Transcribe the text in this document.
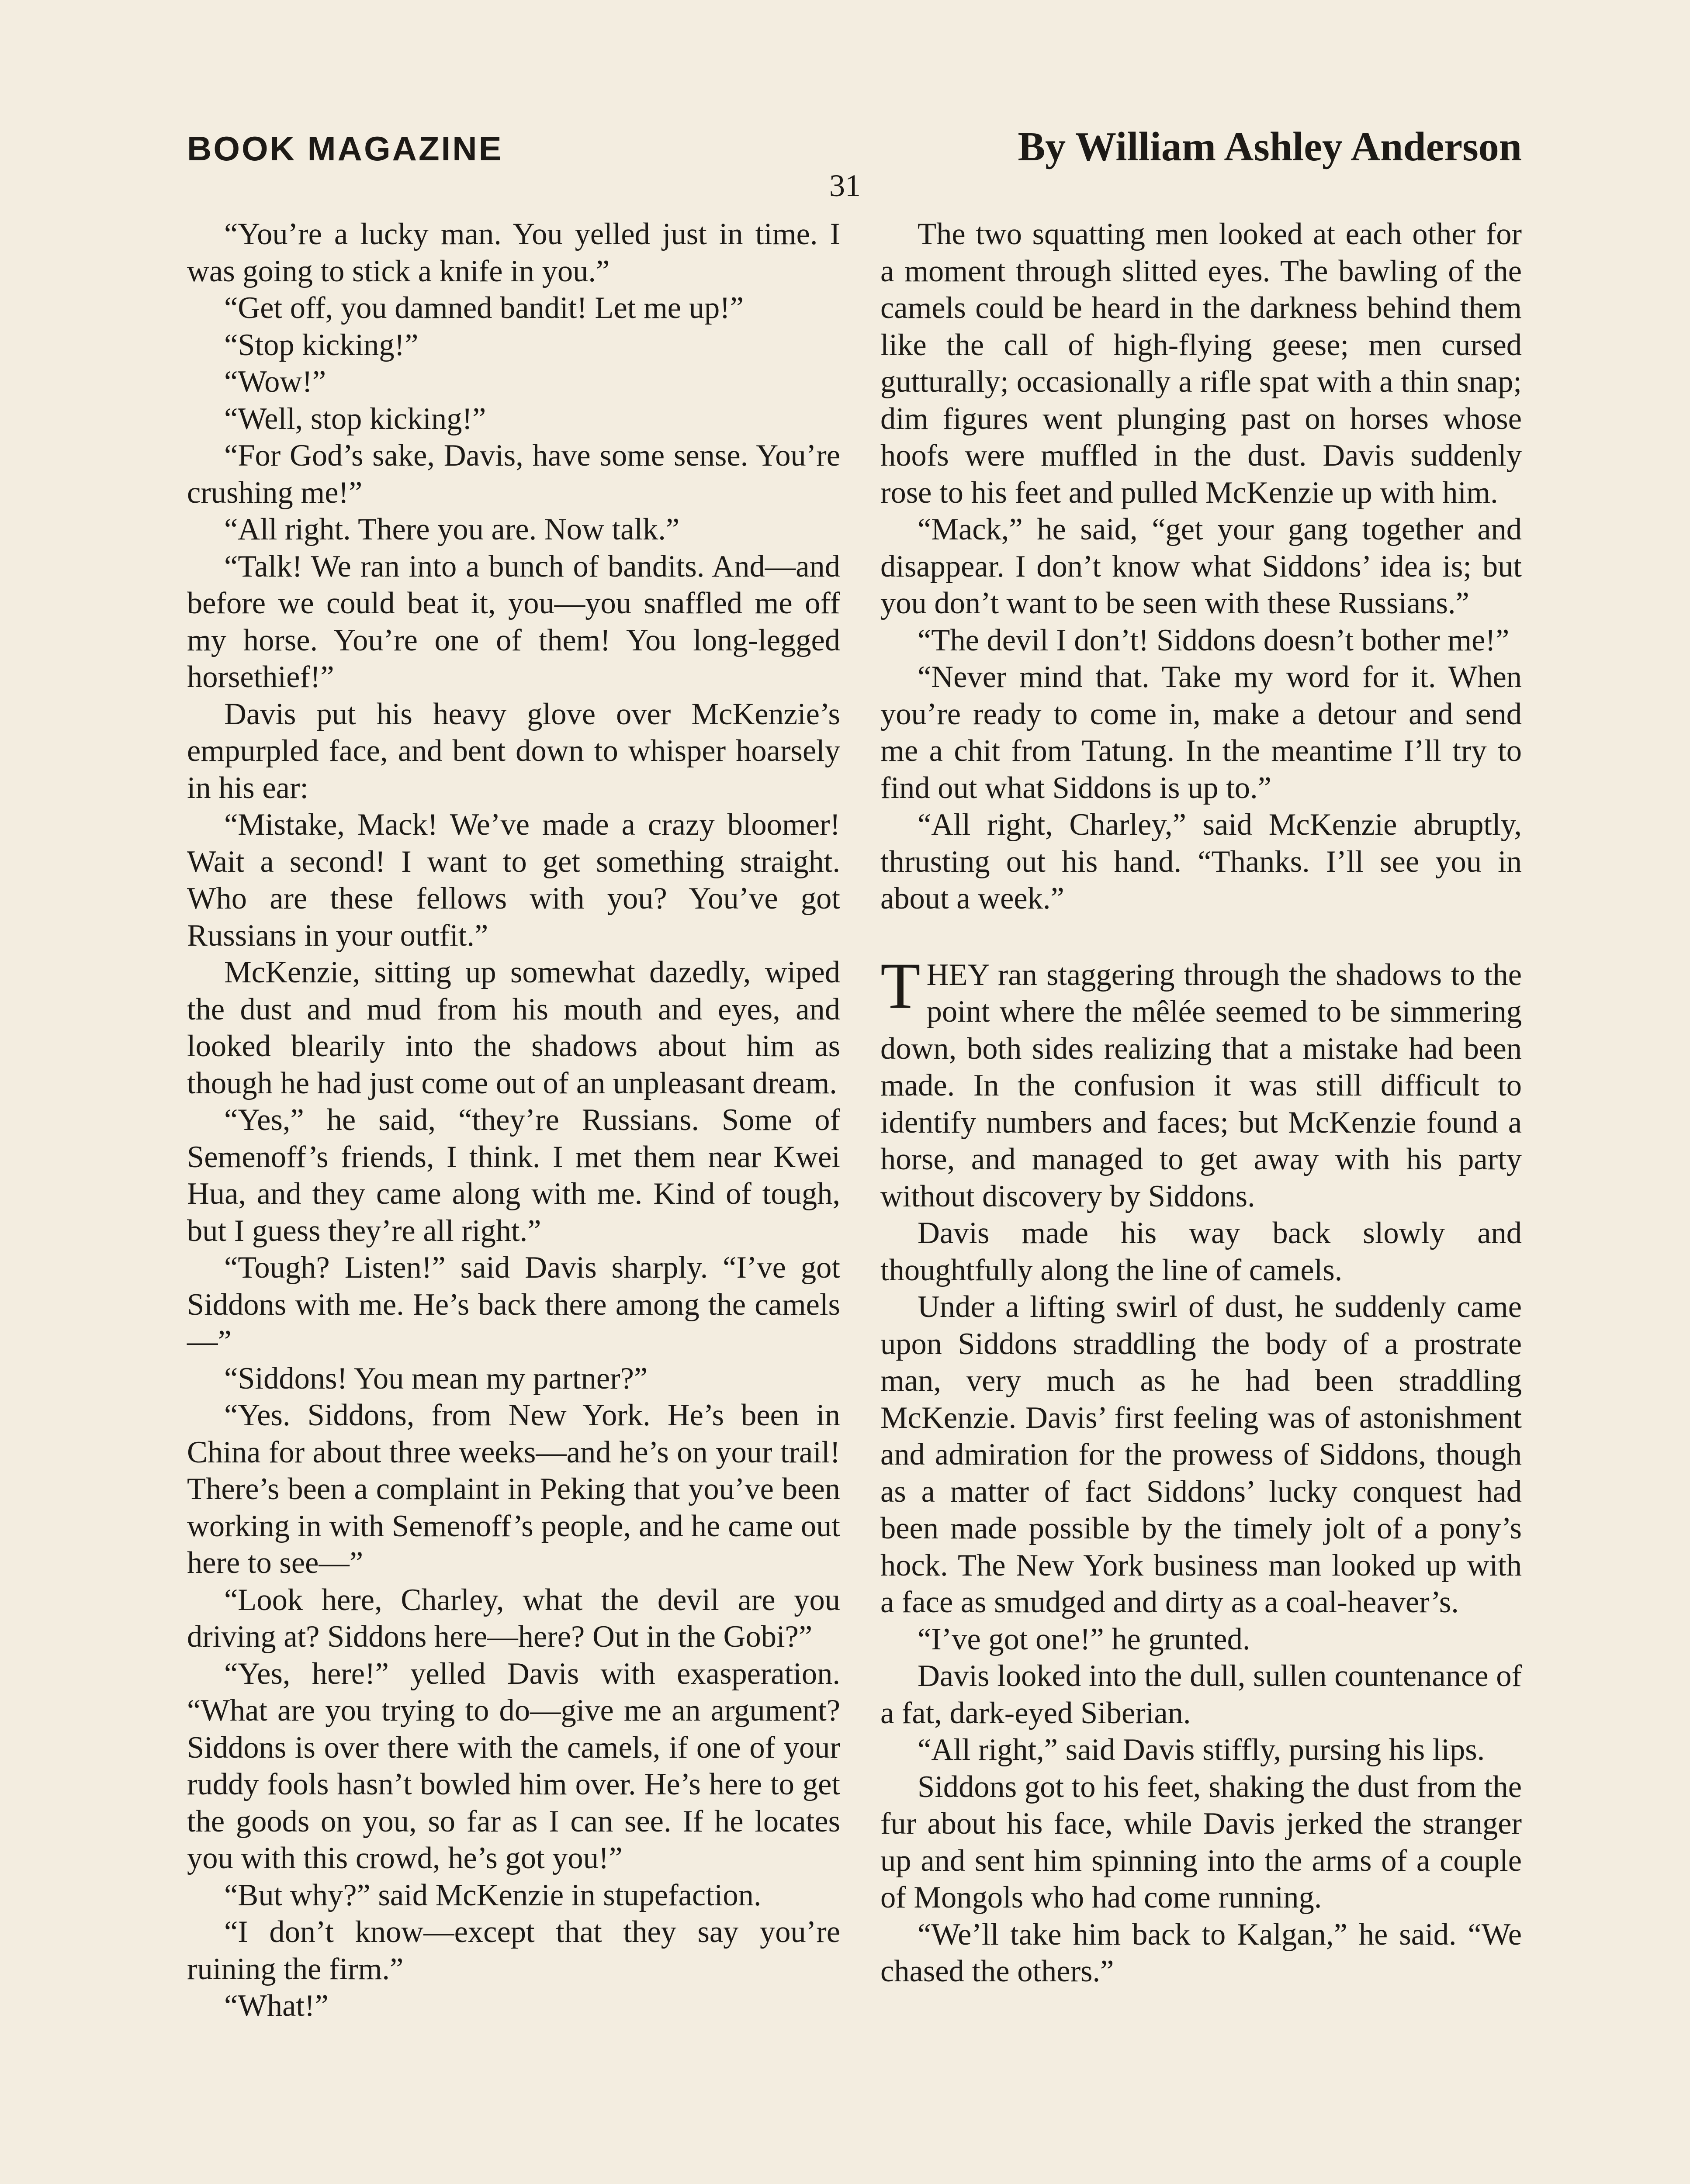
BOOK MAGAZINE	By William Ashley Anderson
31

“You’re a lucky man. You yelled just in time. I was going to stick a knife in you.”

“Get off, you damned bandit! Let me up!”

“Stop kicking!”

“Wow!”

“Well, stop kicking!”

“For God’s sake, Davis, have some sense. You’re crushing me!”

“All right. There you are. Now talk.”

“Talk! We ran into a bunch of bandits. And—and before we could beat it, you—you snaffled me off my horse. You’re one of them! You long-legged horsethief!”

Davis put his heavy glove over McKenzie’s empurpled face, and bent down to whisper hoarsely in his ear:

“Mistake, Mack! We’ve made a crazy bloomer! Wait a second! I want to get something straight. Who are these fellows with you? You’ve got Russians in your outfit.”

McKenzie, sitting up somewhat dazedly, wiped the dust and mud from his mouth and eyes, and looked blearily into the shadows about him as though he had just come out of an unpleasant dream.

“Yes,” he said, “they’re Russians. Some of Semenoff’s friends, I think. I met them near Kwei Hua, and they came along with me. Kind of tough, but I guess they’re all right.”

“Tough? Listen!” said Davis sharply. “I’ve got Siddons with me. He’s back there among the camels—”

“Siddons! You mean my partner?”

“Yes. Siddons, from New York. He’s been in China for about three weeks—and he’s on your trail! There’s been a complaint in Peking that you’ve been working in with Semenoff’s people, and he came out here to see—”

“Look here, Charley, what the devil are you driving at? Siddons here—here? Out in the Gobi?”

“Yes, here!” yelled Davis with exasperation. “What are you trying to do—give me an argument? Siddons is over there with the camels, if one of your ruddy fools hasn’t bowled him over. He’s here to get the goods on you, so far as I can see. If he locates you with this crowd, he’s got you!”

“But why?” said McKenzie in stupefaction.

“I don’t know—except that they say you’re ruining the firm.”

“What!”

The two squatting men looked at each other for a moment through slitted eyes. The bawling of the camels could be heard in the darkness behind them like the call of high-flying geese; men cursed gutturally; occasionally a rifle spat with a thin snap; dim figures went plunging past on horses whose hoofs were muffled in the dust. Davis suddenly rose to his feet and pulled McKenzie up with him.

“Mack,” he said, “get your gang together and disappear. I don’t know what Siddons’ idea is; but you don’t want to be seen with these Russians.”

“The devil I don’t! Siddons doesn’t bother me!”

“Never mind that. Take my word for it. When you’re ready to come in, make a detour and send me a chit from Tatung. In the meantime I’ll try to find out what Siddons is up to.”

“All right, Charley,” said McKenzie abruptly, thrusting out his hand. “Thanks. I’ll see you in about a week.”

THEY ran staggering through the shadows to the point where the mêlée seemed to be simmering down, both sides realizing that a mistake had been made. In the confusion it was still difficult to identify numbers and faces; but McKenzie found a horse, and managed to get away with his party without discovery by Siddons.

Davis made his way back slowly and thoughtfully along the line of camels.

Under a lifting swirl of dust, he suddenly came upon Siddons straddling the body of a prostrate man, very much as he had been straddling McKenzie. Davis’ first feeling was of astonishment and admiration for the prowess of Siddons, though as a matter of fact Siddons’ lucky conquest had been made possible by the timely jolt of a pony’s hock. The New York business man looked up with a face as smudged and dirty as a coal-heaver’s.

“I’ve got one!” he grunted.

Davis looked into the dull, sullen countenance of a fat, dark-eyed Siberian.

“All right,” said Davis stiffly, pursing his lips.

Siddons got to his feet, shaking the dust from the fur about his face, while Davis jerked the stranger up and sent him spinning into the arms of a couple of Mongols who had come running.

“We’ll take him back to Kalgan,” he said. “We chased the others.”
